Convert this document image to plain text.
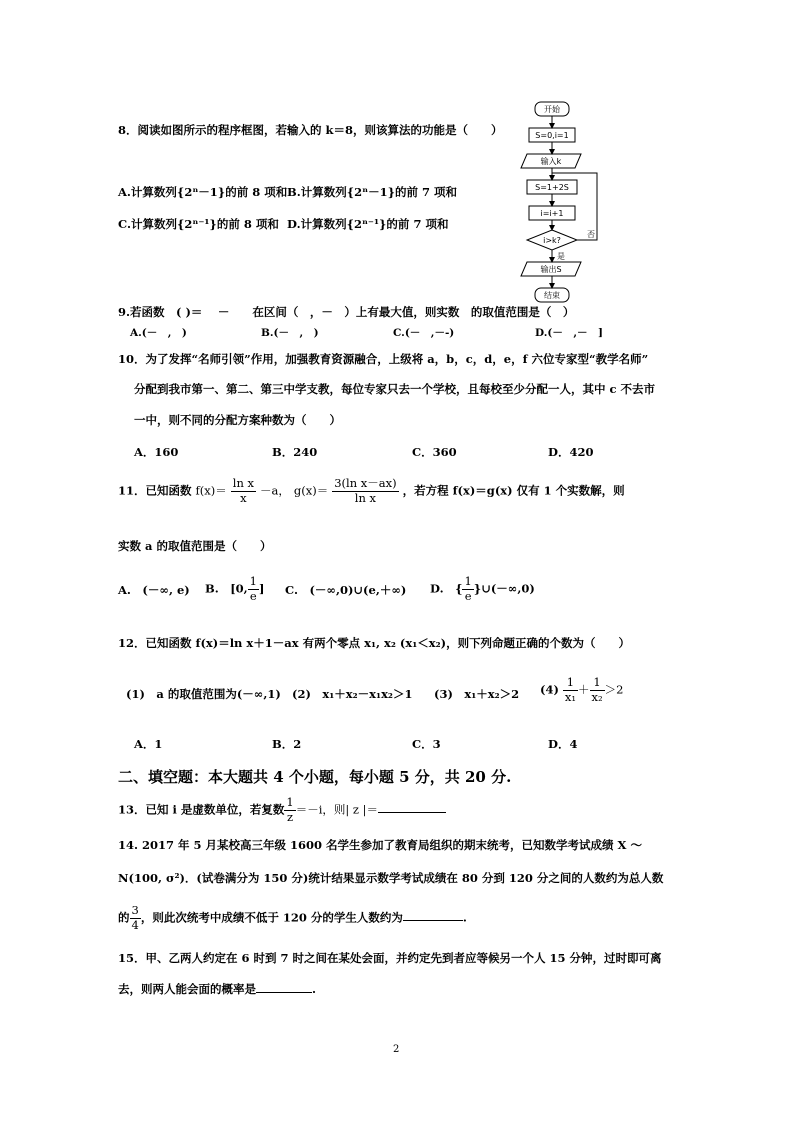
8．阅读如图所示的程序框图，若输入的 k＝8，则该算法的功能是（　　）
A.计算数列{2ⁿ－1}的前 8 项和 B.计算数列{2ⁿ－1}的前 7 项和
C.计算数列{2ⁿ⁻¹}的前 8 项和 D.计算数列{2ⁿ⁻¹}的前 7 项和
开始
S=0,i=1
输入k
S=1+2S
i=i+1
i>k?
否
是
输出S
结束
9.若函数　( )＝　 －　　在区间（　，－　）上有最大值，则实数　的取值范围是（　）
A.(－　,　)	B.(－　,　)	C.(－　,－-)	D.(－　,－　]
10．为了发挥“名师引领”作用，加强教育资源融合，上级将 a，b，c，d，e，f 六位专家型“教学名师”
分配到我市第一、第二、第三中学支教，每位专家只去一个学校，且每校至少分配一人，其中 c 不去市
一中，则不同的分配方案种数为（　　）
A．160	B．240	C．360	D．420
11．已知函数 $f(x)= \frac{\text{ln x}}{x} -a$， $g(x)= \frac{\text{3(ln x－ax)}}{\text{ln x}}$ ，若方程 f(x)＝g(x) 仅有 1 个实数解，则
实数 a 的取值范围是（　　）
A.　(－∞, e) B.　[0, $\frac{1}{e}$ ] C.　(－∞,0)∪(e,＋∞) D.　{ $\frac{1}{e}$ }∪(－∞,0)
12．已知函数 f(x)＝ln x＋1－ax 有两个零点 x₁, x₂ (x₁＜x₂)，则下列命题正确的个数为（　　）
(1)　a 的取值范围为(－∞,1) (2)　x₁＋x₂－x₁x₂＞1 (3)　x₁＋x₂＞2 $(4) \frac{1}{\text{x₁}} + \frac{1}{\text{x₂}} >2$
A．1	B．2	C．3	D．4
二、填空题：本大题共 4 个小题，每小题 5 分，共 20 分.
13．已知 i 是虚数单位，若复数 $\frac{1}{z} =-i$，则| z |＝
14. 2017 年 5 月某校高三年级 1600 名学生参加了教育局组织的期末统考，已知数学考试成绩 X ～
N(100, σ²)．(试卷满分为 150 分)统计结果显示数学考试成绩在 80 分到 120 分之间的人数约为总人数
的 $\frac{3}{4}$ ，则此次统考中成绩不低于 120 分的学生人数约为	.
15．甲、乙两人约定在 6 时到 7 时之间在某处会面，并约定先到者应等候另一个人 15 分钟，过时即可离
去，则两人能会面的概率是	.
2
